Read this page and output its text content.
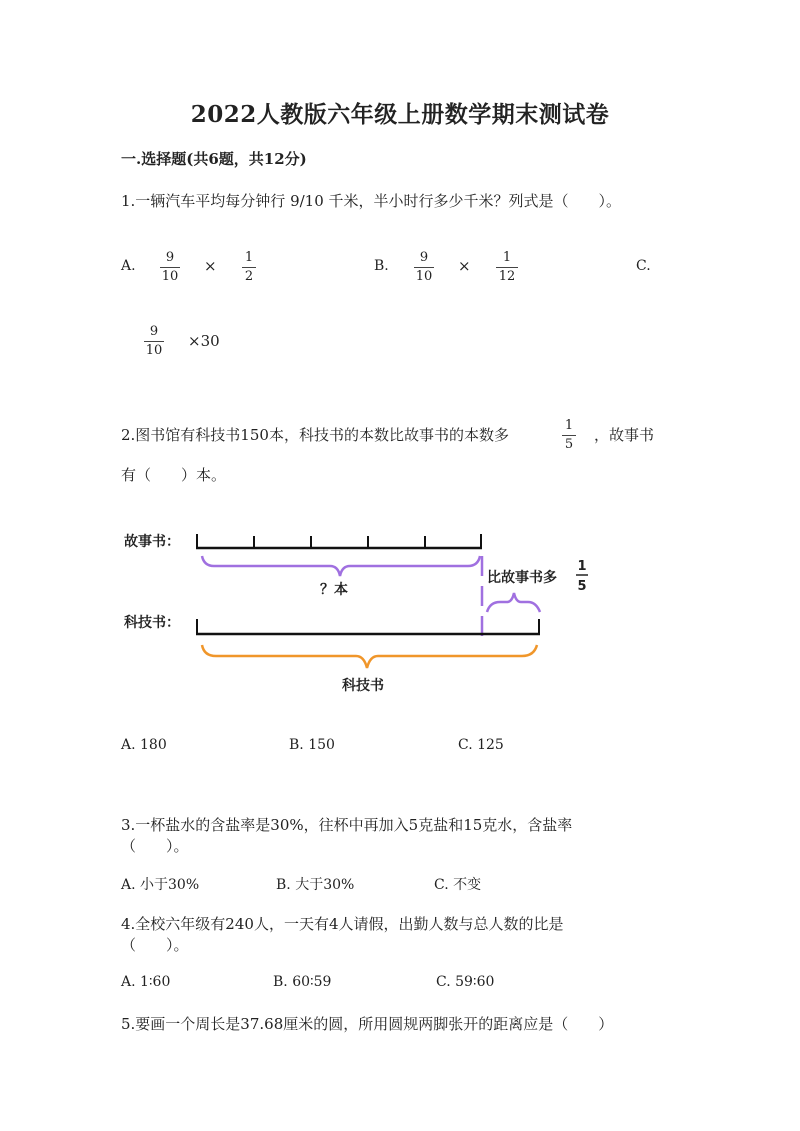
2022人教版六年级上册数学期末测试卷
一.选择题(共6题，共12分)
1.一辆汽车平均每分钟行 9/10 千米，半小时行多少千米？列式是（　　）。
A.
9
10
× 1
2
B.
9
10
×	1
12
C.
9
10
×30
2.图书馆有科技书150本，科技书的本数比故事书的本数多
1
5
，故事书
有（　　）本。
故事书：
？本
比故事书多
1
5
科技书：
科技书
A. 180	B. 150	C. 125
3.一杯盐水的含盐率是30%，往杯中再加入5克盐和15克水，含盐率
（　　）。
A. 小于30%	B. 大于30%	C. 不变
4.全校六年级有240人，一天有4人请假，出勤人数与总人数的比是
（　　）。
A. 1∶60	B. 60∶59	C. 59∶60
5.要画一个周长是37.68厘米的圆，所用圆规两脚张开的距离应是（　　）
